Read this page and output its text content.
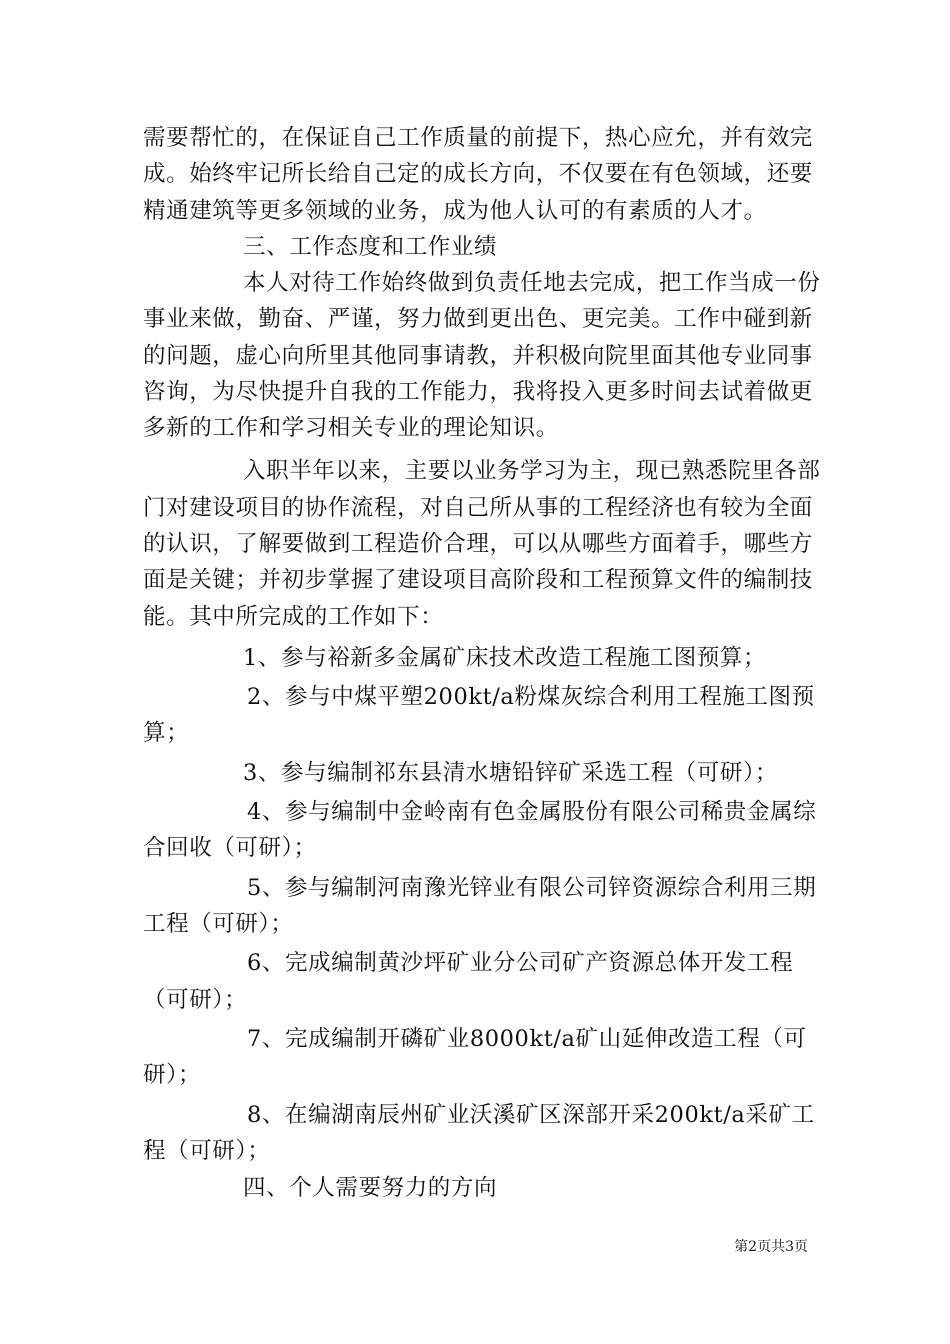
需要帮忙的，在保证自己工作质量的前提下，热心应允，并有效完
成。始终牢记所长给自己定的成长方向，不仅要在有色领域，还要
精通建筑等更多领域的业务，成为他人认可的有素质的人才。
三、工作态度和工作业绩
本人对待工作始终做到负责任地去完成，把工作当成一份
事业来做，勤奋、严谨，努力做到更出色、更完美。工作中碰到新
的问题，虚心向所里其他同事请教，并积极向院里面其他专业同事
咨询，为尽快提升自我的工作能力，我将投入更多时间去试着做更
多新的工作和学习相关专业的理论知识。
入职半年以来，主要以业务学习为主，现已熟悉院里各部
门对建设项目的协作流程，对自己所从事的工程经济也有较为全面
的认识，了解要做到工程造价合理，可以从哪些方面着手，哪些方
面是关键；并初步掌握了建设项目高阶段和工程预算文件的编制技
能。其中所完成的工作如下：
1、参与裕新多金属矿床技术改造工程施工图预算；
2、参与中煤平塑200kt/a粉煤灰综合利用工程施工图预
算；
3、参与编制祁东县清水塘铅锌矿采选工程（可研）；
4、参与编制中金岭南有色金属股份有限公司稀贵金属综
合回收（可研）；
5、参与编制河南豫光锌业有限公司锌资源综合利用三期
工程（可研）；
6、完成编制黄沙坪矿业分公司矿产资源总体开发工程
（可研）；
7、完成编制开磷矿业8000kt/a矿山延伸改造工程（可
研）；
8、在编湖南辰州矿业沃溪矿区深部开采200kt/a采矿工
程（可研）；
四、个人需要努力的方向
第2页共3页
